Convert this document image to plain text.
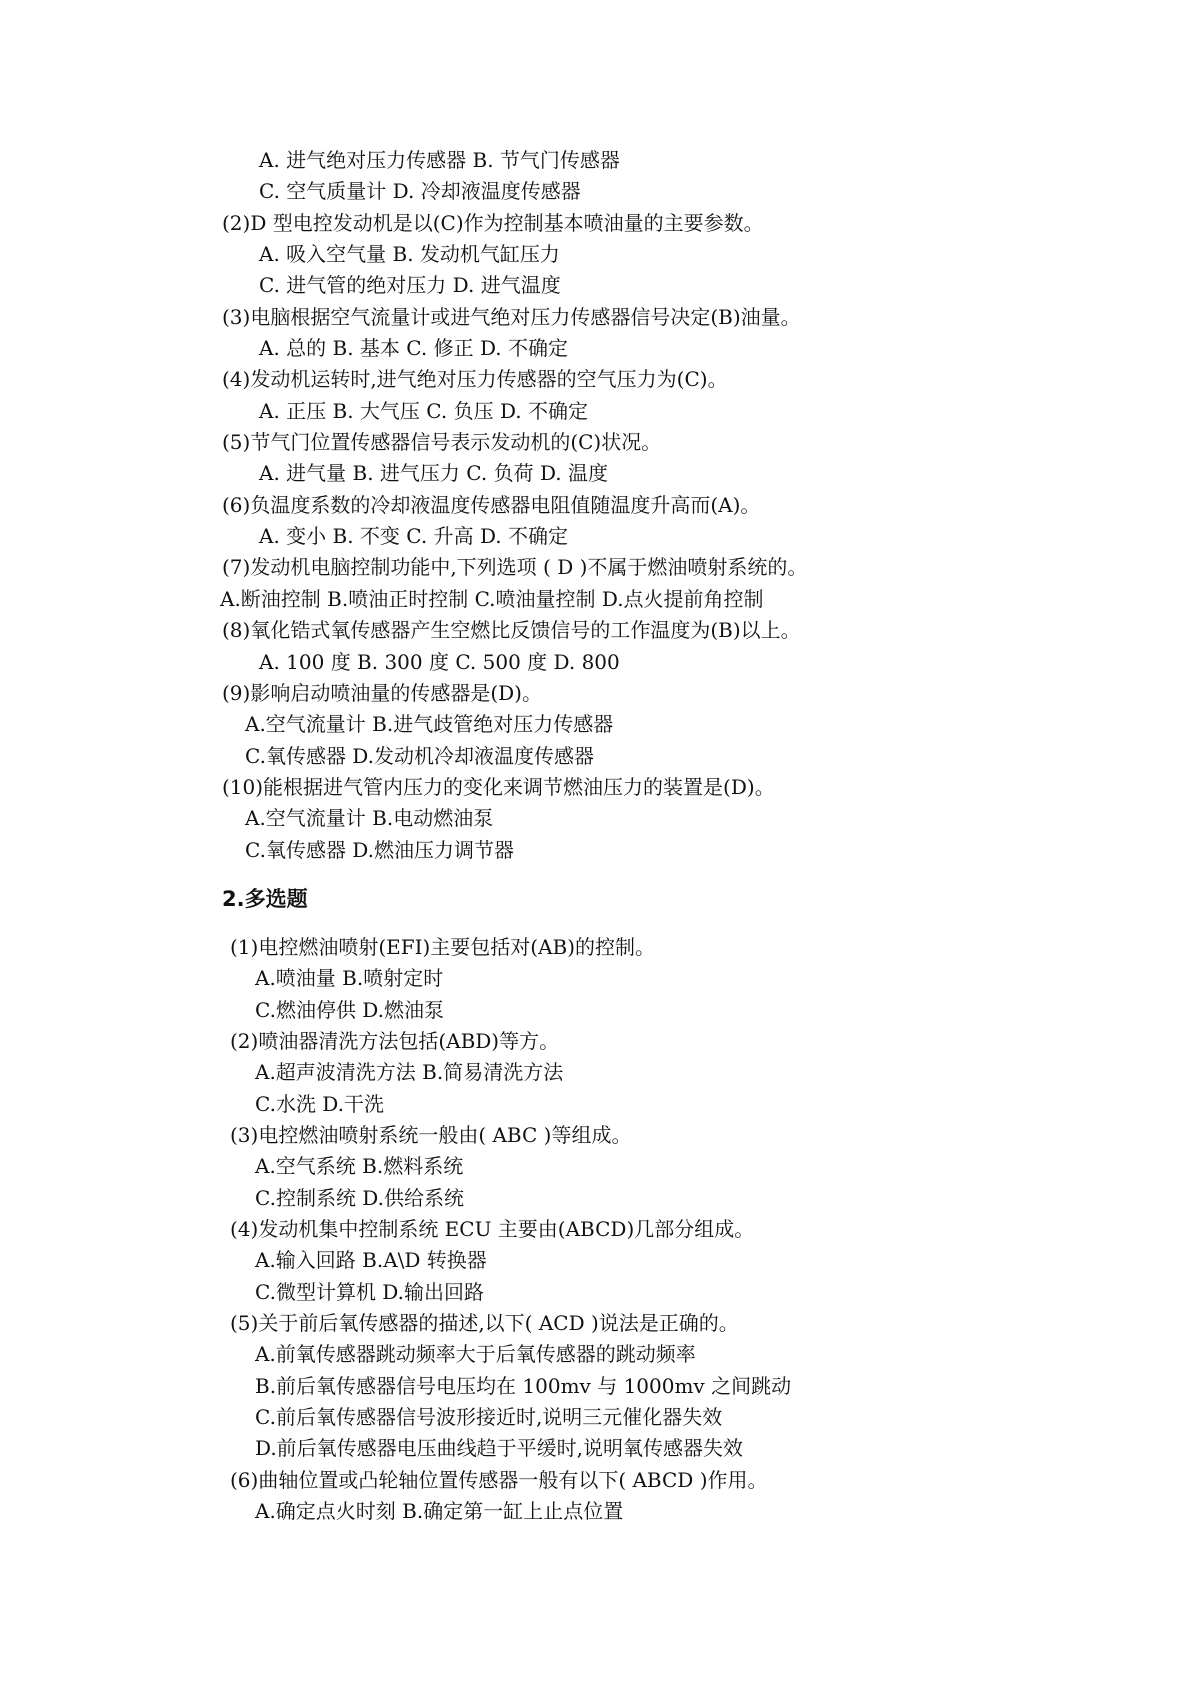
A. 进气绝对压力传感器 B. 节气门传感器
C. 空气质量计 D. 冷却液温度传感器
(2)D 型电控发动机是以(C)作为控制基本喷油量的主要参数。
A. 吸入空气量 B. 发动机气缸压力
C. 进气管的绝对压力 D. 进气温度
(3)电脑根据空气流量计或进气绝对压力传感器信号决定(B)油量。
A. 总的 B. 基本 C. 修正 D. 不确定
(4)发动机运转时,进气绝对压力传感器的空气压力为(C)。
A. 正压 B. 大气压 C. 负压 D. 不确定
(5)节气门位置传感器信号表示发动机的(C)状况。
A. 进气量 B. 进气压力 C. 负荷 D. 温度
(6)负温度系数的冷却液温度传感器电阻值随温度升高而(A)。
A. 变小 B. 不变 C. 升高 D. 不确定
(7)发动机电脑控制功能中,下列选项 ( D )不属于燃油喷射系统的。
A.断油控制 B.喷油正时控制 C.喷油量控制 D.点火提前角控制
(8)氧化锆式氧传感器产生空燃比反馈信号的工作温度为(B)以上。
A. 100 度 B. 300 度 C. 500 度 D. 800
(9)影响启动喷油量的传感器是(D)。
A.空气流量计 B.进气歧管绝对压力传感器
C.氧传感器 D.发动机冷却液温度传感器
(10)能根据进气管内压力的变化来调节燃油压力的装置是(D)。
A.空气流量计 B.电动燃油泵
C.氧传感器 D.燃油压力调节器
2.多选题
(1)电控燃油喷射(EFI)主要包括对(AB)的控制。
A.喷油量 B.喷射定时
C.燃油停供 D.燃油泵
(2)喷油器清洗方法包括(ABD)等方。
A.超声波清洗方法 B.简易清洗方法
C.水洗 D.干洗
(3)电控燃油喷射系统一般由( ABC )等组成。
A.空气系统 B.燃料系统
C.控制系统 D.供给系统
(4)发动机集中控制系统 ECU 主要由(ABCD)几部分组成。
A.输入回路 B.A\D 转换器
C.微型计算机 D.输出回路
(5)关于前后氧传感器的描述,以下( ACD )说法是正确的。
A.前氧传感器跳动频率大于后氧传感器的跳动频率
B.前后氧传感器信号电压均在 100mv 与 1000mv 之间跳动
C.前后氧传感器信号波形接近时,说明三元催化器失效
D.前后氧传感器电压曲线趋于平缓时,说明氧传感器失效
(6)曲轴位置或凸轮轴位置传感器一般有以下( ABCD )作用。
A.确定点火时刻 B.确定第一缸上止点位置
